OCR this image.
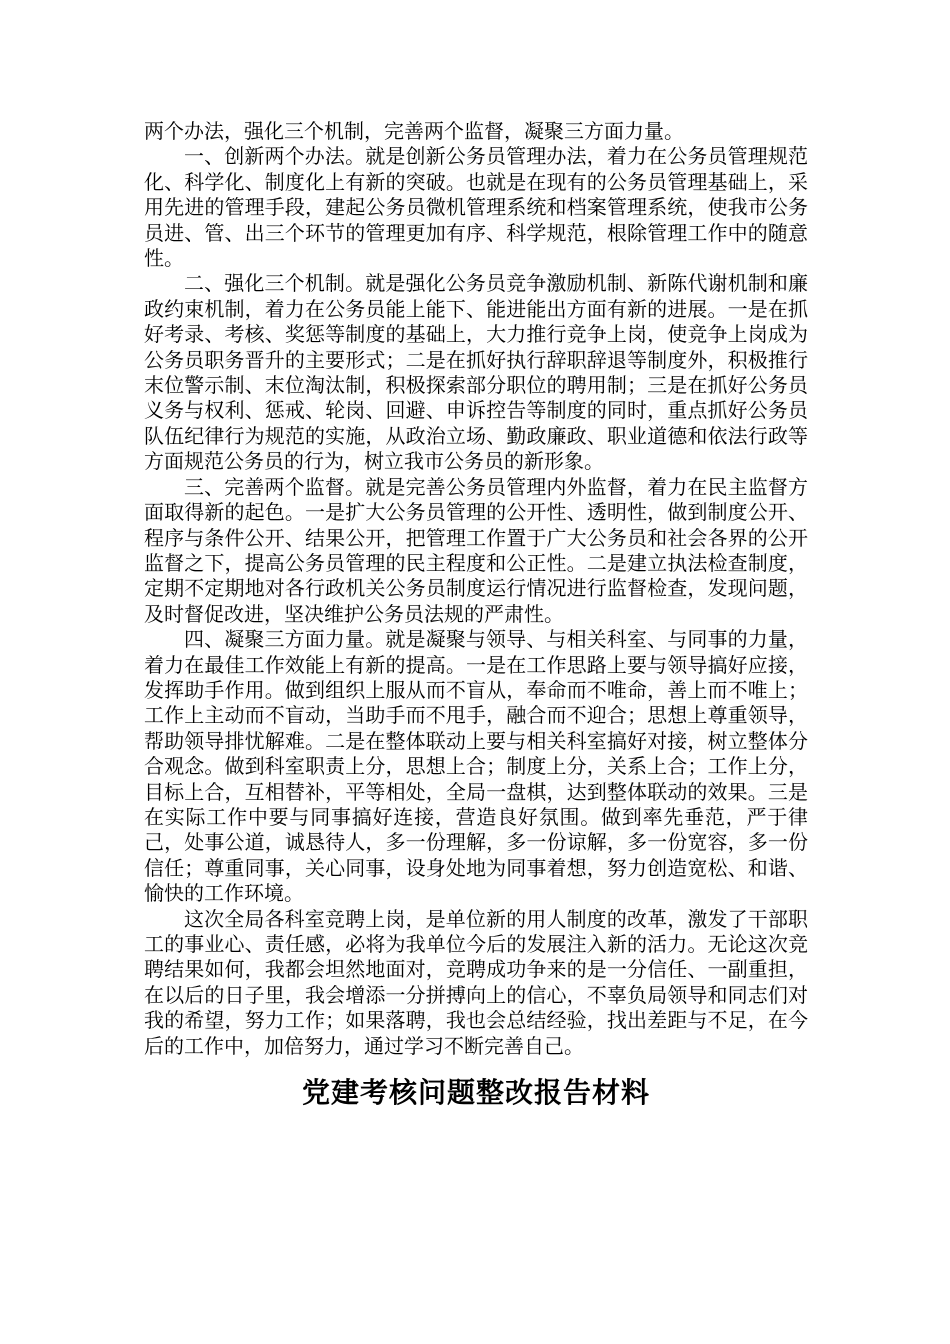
两个办法，强化三个机制，完善两个监督，凝聚三方面力量。

一、创新两个办法。就是创新公务员管理办法，着力在公务员管理规范化、科学化、制度化上有新的突破。也就是在现有的公务员管理基础上，采用先进的管理手段，建起公务员微机管理系统和档案管理系统，使我市公务员进、管、出三个环节的管理更加有序、科学规范，根除管理工作中的随意性。

二、强化三个机制。就是强化公务员竞争激励机制、新陈代谢机制和廉政约束机制，着力在公务员能上能下、能进能出方面有新的进展。一是在抓好考录、考核、奖惩等制度的基础上，大力推行竞争上岗，使竞争上岗成为公务员职务晋升的主要形式；二是在抓好执行辞职辞退等制度外，积极推行末位警示制、末位淘汰制，积极探索部分职位的聘用制；三是在抓好公务员义务与权利、惩戒、轮岗、回避、申诉控告等制度的同时，重点抓好公务员队伍纪律行为规范的实施，从政治立场、勤政廉政、职业道德和依法行政等方面规范公务员的行为，树立我市公务员的新形象。

三、完善两个监督。就是完善公务员管理内外监督，着力在民主监督方面取得新的起色。一是扩大公务员管理的公开性、透明性，做到制度公开、程序与条件公开、结果公开，把管理工作置于广大公务员和社会各界的公开监督之下，提高公务员管理的民主程度和公正性。二是建立执法检查制度，定期不定期地对各行政机关公务员制度运行情况进行监督检查，发现问题，及时督促改进，坚决维护公务员法规的严肃性。

四、凝聚三方面力量。就是凝聚与领导、与相关科室、与同事的力量，着力在最佳工作效能上有新的提高。一是在工作思路上要与领导搞好应接，发挥助手作用。做到组织上服从而不盲从，奉命而不唯命，善上而不唯上；工作上主动而不盲动，当助手而不甩手，融合而不迎合；思想上尊重领导，帮助领导排忧解难。二是在整体联动上要与相关科室搞好对接，树立整体分合观念。做到科室职责上分，思想上合；制度上分，关系上合；工作上分，目标上合，互相替补，平等相处，全局一盘棋，达到整体联动的效果。三是在实际工作中要与同事搞好连接，营造良好氛围。做到率先垂范，严于律己，处事公道，诚恳待人，多一份理解，多一份谅解，多一份宽容，多一份信任；尊重同事，关心同事，设身处地为同事着想，努力创造宽松、和谐、愉快的工作环境。

这次全局各科室竞聘上岗，是单位新的用人制度的改革，激发了干部职工的事业心、责任感，必将为我单位今后的发展注入新的活力。无论这次竞聘结果如何，我都会坦然地面对，竞聘成功争来的是一分信任、一副重担，在以后的日子里，我会增添一分拼搏向上的信心，不辜负局领导和同志们对我的希望，努力工作；如果落聘，我也会总结经验，找出差距与不足，在今后的工作中，加倍努力，通过学习不断完善自己。

党建考核问题整改报告材料
